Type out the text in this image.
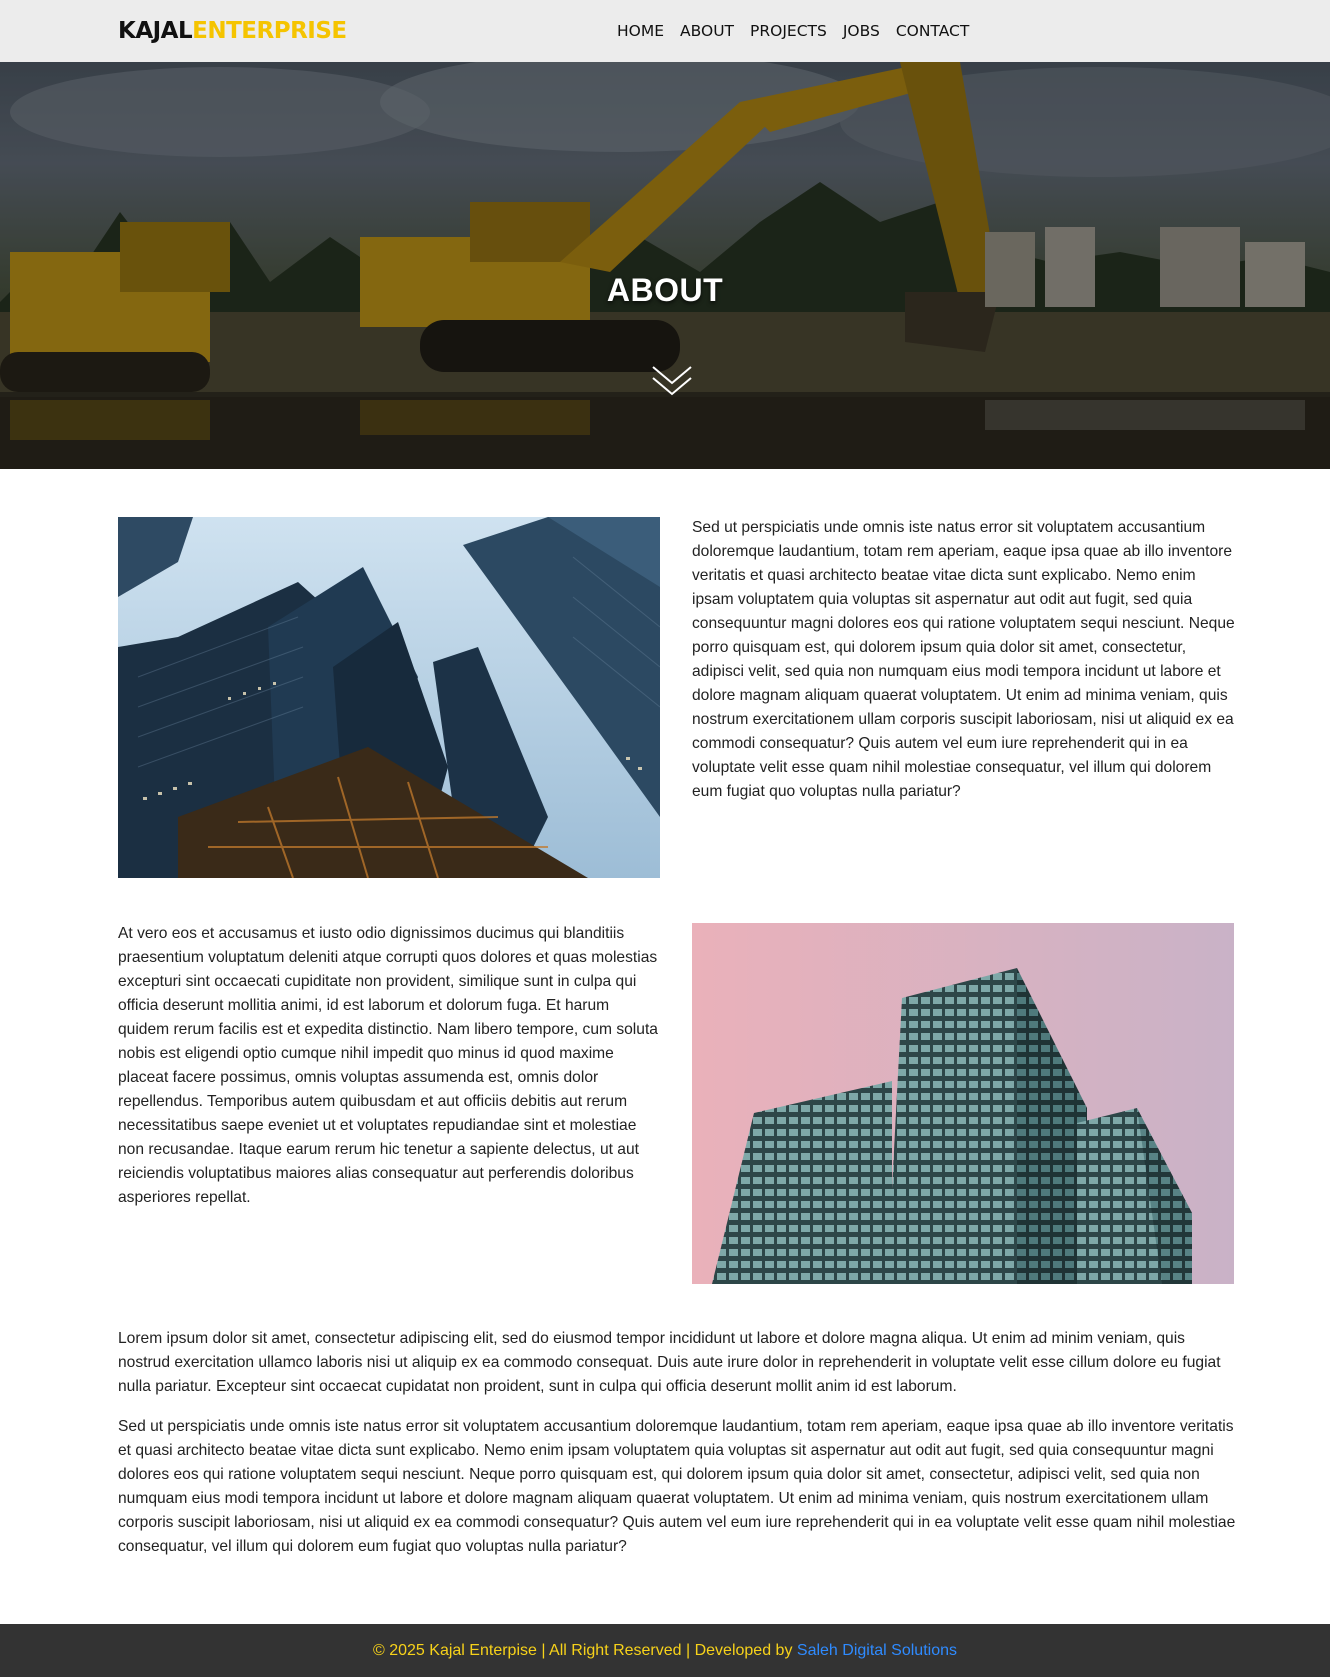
KAJALENTERPRISE	HOME ABOUT PROJECTS JOBS CONTACT
ABOUT

Sed ut perspiciatis unde omnis iste natus error sit voluptatem accusantium doloremque laudantium, totam rem aperiam, eaque ipsa quae ab illo inventore veritatis et quasi architecto beatae vitae dicta sunt explicabo. Nemo enim ipsam voluptatem quia voluptas sit aspernatur aut odit aut fugit, sed quia consequuntur magni dolores eos qui ratione voluptatem sequi nesciunt. Neque porro quisquam est, qui dolorem ipsum quia dolor sit amet, consectetur, adipisci velit, sed quia non numquam eius modi tempora incidunt ut labore et dolore magnam aliquam quaerat voluptatem. Ut enim ad minima veniam, quis nostrum exercitationem ullam corporis suscipit laboriosam, nisi ut aliquid ex ea commodi consequatur? Quis autem vel eum iure reprehenderit qui in ea voluptate velit esse quam nihil molestiae consequatur, vel illum qui dolorem eum fugiat quo voluptas nulla pariatur?

At vero eos et accusamus et iusto odio dignissimos ducimus qui blanditiis praesentium voluptatum deleniti atque corrupti quos dolores et quas molestias excepturi sint occaecati cupiditate non provident, similique sunt in culpa qui officia deserunt mollitia animi, id est laborum et dolorum fuga. Et harum quidem rerum facilis est et expedita distinctio. Nam libero tempore, cum soluta nobis est eligendi optio cumque nihil impedit quo minus id quod maxime placeat facere possimus, omnis voluptas assumenda est, omnis dolor repellendus. Temporibus autem quibusdam et aut officiis debitis aut rerum necessitatibus saepe eveniet ut et voluptates repudiandae sint et molestiae non recusandae. Itaque earum rerum hic tenetur a sapiente delectus, ut aut reiciendis voluptatibus maiores alias consequatur aut perferendis doloribus asperiores repellat.

Lorem ipsum dolor sit amet, consectetur adipiscing elit, sed do eiusmod tempor incididunt ut labore et dolore magna aliqua. Ut enim ad minim veniam, quis nostrud exercitation ullamco laboris nisi ut aliquip ex ea commodo consequat. Duis aute irure dolor in reprehenderit in voluptate velit esse cillum dolore eu fugiat nulla pariatur. Excepteur sint occaecat cupidatat non proident, sunt in culpa qui officia deserunt mollit anim id est laborum.

Sed ut perspiciatis unde omnis iste natus error sit voluptatem accusantium doloremque laudantium, totam rem aperiam, eaque ipsa quae ab illo inventore veritatis et quasi architecto beatae vitae dicta sunt explicabo. Nemo enim ipsam voluptatem quia voluptas sit aspernatur aut odit aut fugit, sed quia consequuntur magni dolores eos qui ratione voluptatem sequi nesciunt. Neque porro quisquam est, qui dolorem ipsum quia dolor sit amet, consectetur, adipisci velit, sed quia non numquam eius modi tempora incidunt ut labore et dolore magnam aliquam quaerat voluptatem. Ut enim ad minima veniam, quis nostrum exercitationem ullam corporis suscipit laboriosam, nisi ut aliquid ex ea commodi consequatur? Quis autem vel eum iure reprehenderit qui in ea voluptate velit esse quam nihil molestiae consequatur, vel illum qui dolorem eum fugiat quo voluptas nulla pariatur?

© 2025 Kajal Enterpise | All Right Reserved | Developed by Saleh Digital Solutions
